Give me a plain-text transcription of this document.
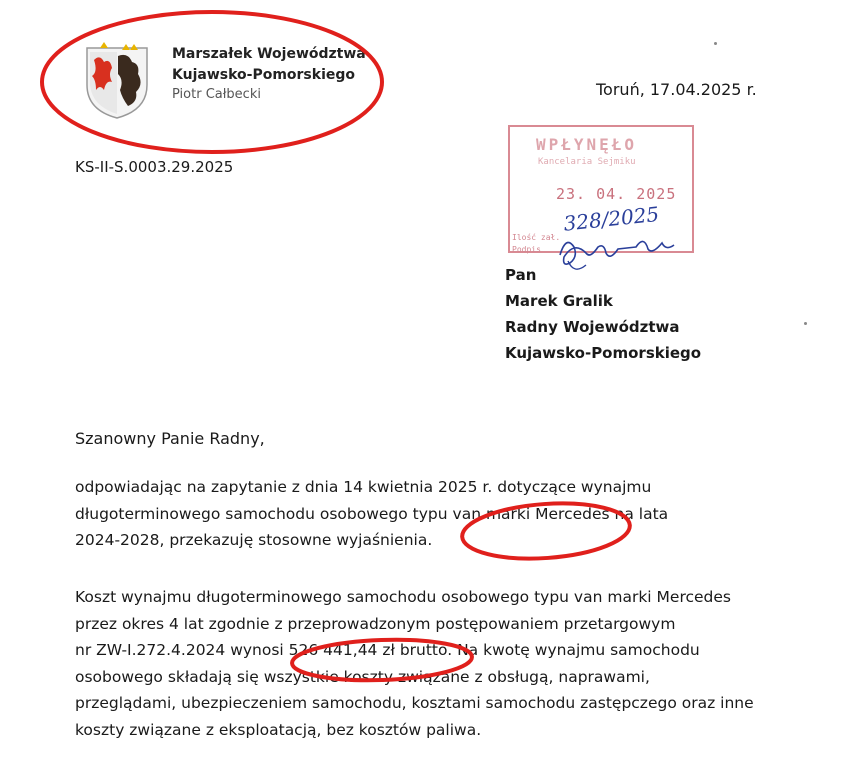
Marszałek Województwa
Kujawsko-Pomorskiego
Piotr Całbecki	Toruń, 17.04.2025 r.
KS-II-S.0003.29.2025
WPŁYNĘŁO
Kancelaria Sejmiku
23. 04. 2025
Ilość zał.
Podpis
328/2025
Pan
Marek Gralik
Radny Województwa
Kujawsko-Pomorskiego
Szanowny Panie Radny,
odpowiadając na zapytanie z dnia 14 kwietnia 2025 r. dotyczące wynajmu
długoterminowego samochodu osobowego typu van marki Mercedes na lata
2024-2028, przekazuję stosowne wyjaśnienia.
Koszt wynajmu długoterminowego samochodu osobowego typu van marki Mercedes
przez okres 4 lat zgodnie z przeprowadzonym postępowaniem przetargowym
nr ZW-I.272.4.2024 wynosi 526 441,44 zł brutto. Na kwotę wynajmu samochodu
osobowego składają się wszystkie koszty związane z obsługą, naprawami,
przeglądami, ubezpieczeniem samochodu, kosztami samochodu zastępczego oraz inne
koszty związane z eksploatacją, bez kosztów paliwa.
